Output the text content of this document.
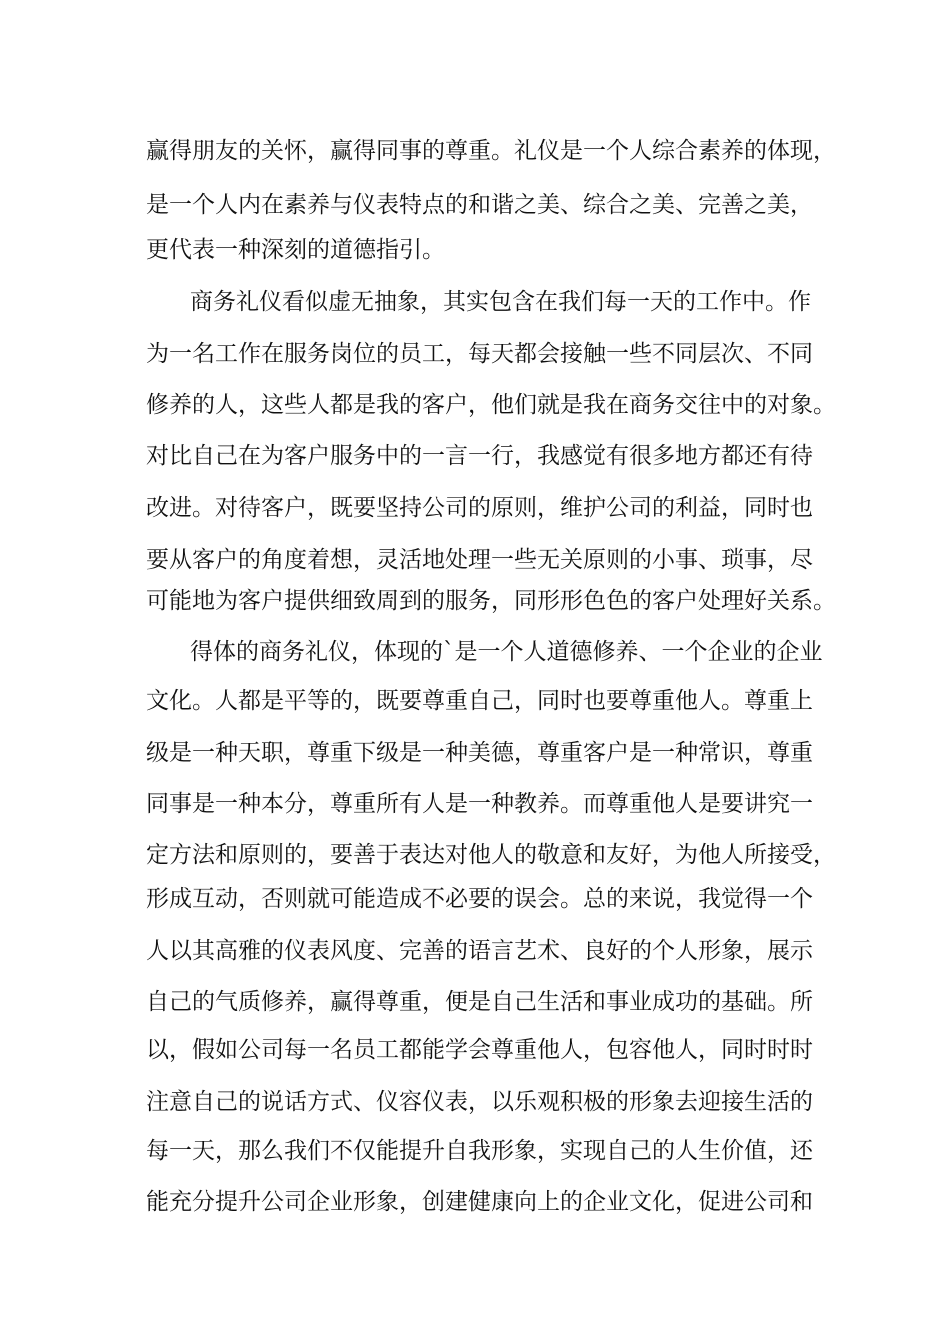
赢得朋友的关怀，赢得同事的尊重。礼仪是一个人综合素养的体现，

是一个人内在素养与仪表特点的和谐之美、综合之美、完善之美，

更代表一种深刻的道德指引。

商务礼仪看似虚无抽象，其实包含在我们每一天的工作中。作

为一名工作在服务岗位的员工，每天都会接触一些不同层次、不同

修养的人，这些人都是我的客户，他们就是我在商务交往中的对象。

对比自己在为客户服务中的一言一行，我感觉有很多地方都还有待

改进。对待客户，既要坚持公司的原则，维护公司的利益，同时也

要从客户的角度着想，灵活地处理一些无关原则的小事、琐事，尽

可能地为客户提供细致周到的服务，同形形色色的客户处理好关系。

得体的商务礼仪，体现的`是一个人道德修养、一个企业的企业

文化。人都是平等的，既要尊重自己，同时也要尊重他人。尊重上

级是一种天职，尊重下级是一种美德，尊重客户是一种常识，尊重

同事是一种本分，尊重所有人是一种教养。而尊重他人是要讲究一

定方法和原则的，要善于表达对他人的敬意和友好，为他人所接受，

形成互动，否则就可能造成不必要的误会。总的来说，我觉得一个

人以其高雅的仪表风度、完善的语言艺术、良好的个人形象，展示

自己的气质修养，赢得尊重，便是自己生活和事业成功的基础。所

以，假如公司每一名员工都能学会尊重他人，包容他人，同时时时

注意自己的说话方式、仪容仪表，以乐观积极的形象去迎接生活的

每一天，那么我们不仅能提升自我形象，实现自己的人生价值，还

能充分提升公司企业形象，创建健康向上的企业文化，促进公司和
